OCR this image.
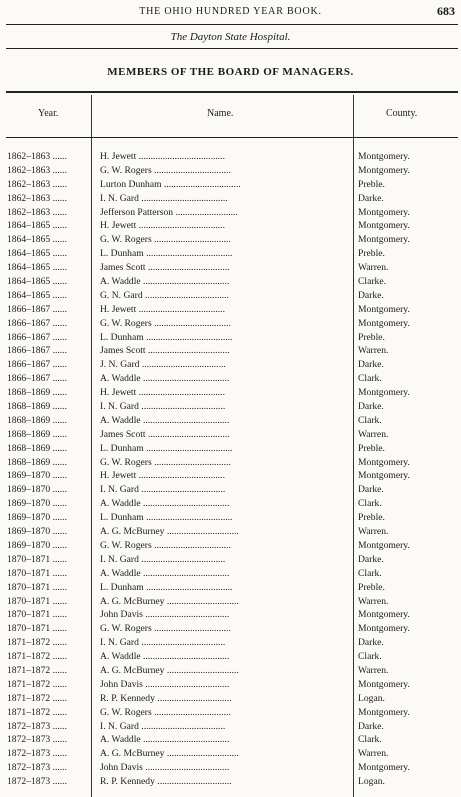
THE OHIO HUNDRED YEAR BOOK.	683
The Dayton State Hospital.
MEMBERS OF THE BOARD OF MANAGERS.
Year.	Name.	County.
1862–1863 ......	H. Jewett ....................................	Montgomery.
1862–1863 ......	G. W. Rogers ................................	Montgomery.
1862–1863 ......	Lurton Dunham ................................	Preble.
1862–1863 ......	I. N. Gard ....................................	Darke.
1862–1863 ......	Jefferson Patterson ..........................	Montgomery.
1864–1865 ......	H. Jewett ....................................	Montgomery.
1864–1865 ......	G. W. Rogers ................................	Montgomery.
1864–1865 ......	L. Dunham ....................................	Preble.
1864–1865 ......	James Scott ..................................	Warren.
1864–1865 ......	A. Waddle ....................................	Clarke.
1864–1865 ......	G. N. Gard ...................................	Darke.
1866–1867 ......	H. Jewett ....................................	Montgomery.
1866–1867 ......	G. W. Rogers ................................	Montgomery.
1866–1867 ......	L. Dunham ....................................	Preble.
1866–1867 ......	James Scott ..................................	Warren.
1866–1867 ......	J. N. Gard ...................................	Darke.
1866–1867 ......	A. Waddle ....................................	Clark.
1868–1869 ......	H. Jewett ....................................	Montgomery.
1868–1869 ......	I. N. Gard ...................................	Darke.
1868–1869 ......	A. Waddle ....................................	Clark.
1868–1869 ......	James Scott ..................................	Warren.
1868–1869 ......	L. Dunham ....................................	Preble.
1868–1869 ......	G. W. Rogers ................................	Montgomery.
1869–1870 ......	H. Jewett ....................................	Montgomery.
1869–1870 ......	I. N. Gard ...................................	Darke.
1869–1870 ......	A. Waddle ....................................	Clark.
1869–1870 ......	L. Dunham ....................................	Preble.
1869–1870 ......	A. G. McBurney ..............................	Warren.
1869–1870 ......	G. W. Rogers ................................	Montgomery.
1870–1871 ......	I. N. Gard ...................................	Darke.
1870–1871 ......	A. Waddle ....................................	Clark.
1870–1871 ......	L. Dunham ....................................	Preble.
1870–1871 ......	A. G. McBurney ..............................	Warren.
1870–1871 ......	John Davis ...................................	Montgomery.
1870–1871 ......	G. W. Rogers ................................	Montgomery.
1871–1872 ......	I. N. Gard ...................................	Darke.
1871–1872 ......	A. Waddle ....................................	Clark.
1871–1872 ......	A. G. McBurney ..............................	Warren.
1871–1872 ......	John Davis ...................................	Montgomery.
1871–1872 ......	R. P. Kennedy ...............................	Logan.
1871–1872 ......	G. W. Rogers ................................	Montgomery.
1872–1873 ......	I. N. Gard ...................................	Darke.
1872–1873 ......	A. Waddle ....................................	Clark.
1872–1873 ......	A. G. McBurney ..............................	Warren.
1872–1873 ......	John Davis ...................................	Montgomery.
1872–1873 ......	R. P. Kennedy ...............................	Logan.
